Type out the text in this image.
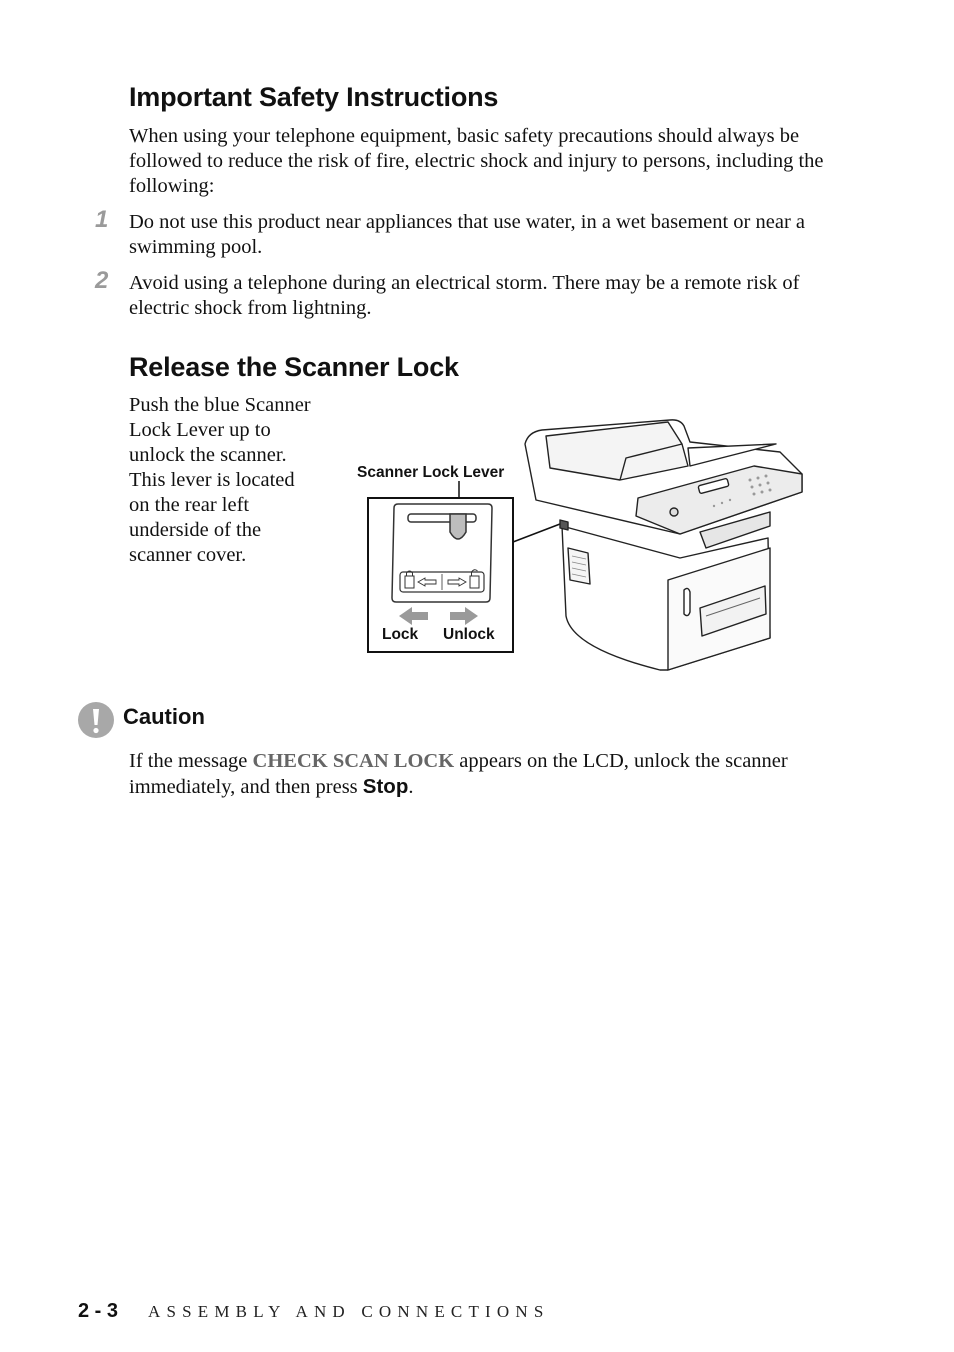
Important Safety Instructions

When using your telephone equipment, basic safety precautions should always be followed to reduce the risk of fire, electric shock and injury to persons, including the following:

1 Do not use this product near appliances that use water, in a wet basement or near a swimming pool.

2 Avoid using a telephone during an electrical storm. There may be a remote risk of electric shock from lightning.

Release the Scanner Lock
Push the blue Scanner
Lock Lever up to
unlock the scanner.
This lever is located
on the rear left
underside of the
scanner cover.
Scanner Lock Lever
Lock Unlock
Caution

If the message CHECK SCAN LOCK appears on the LCD, unlock the scanner immediately, and then press Stop.

2 - 3 ASSEMBLY AND CONNECTIONS
